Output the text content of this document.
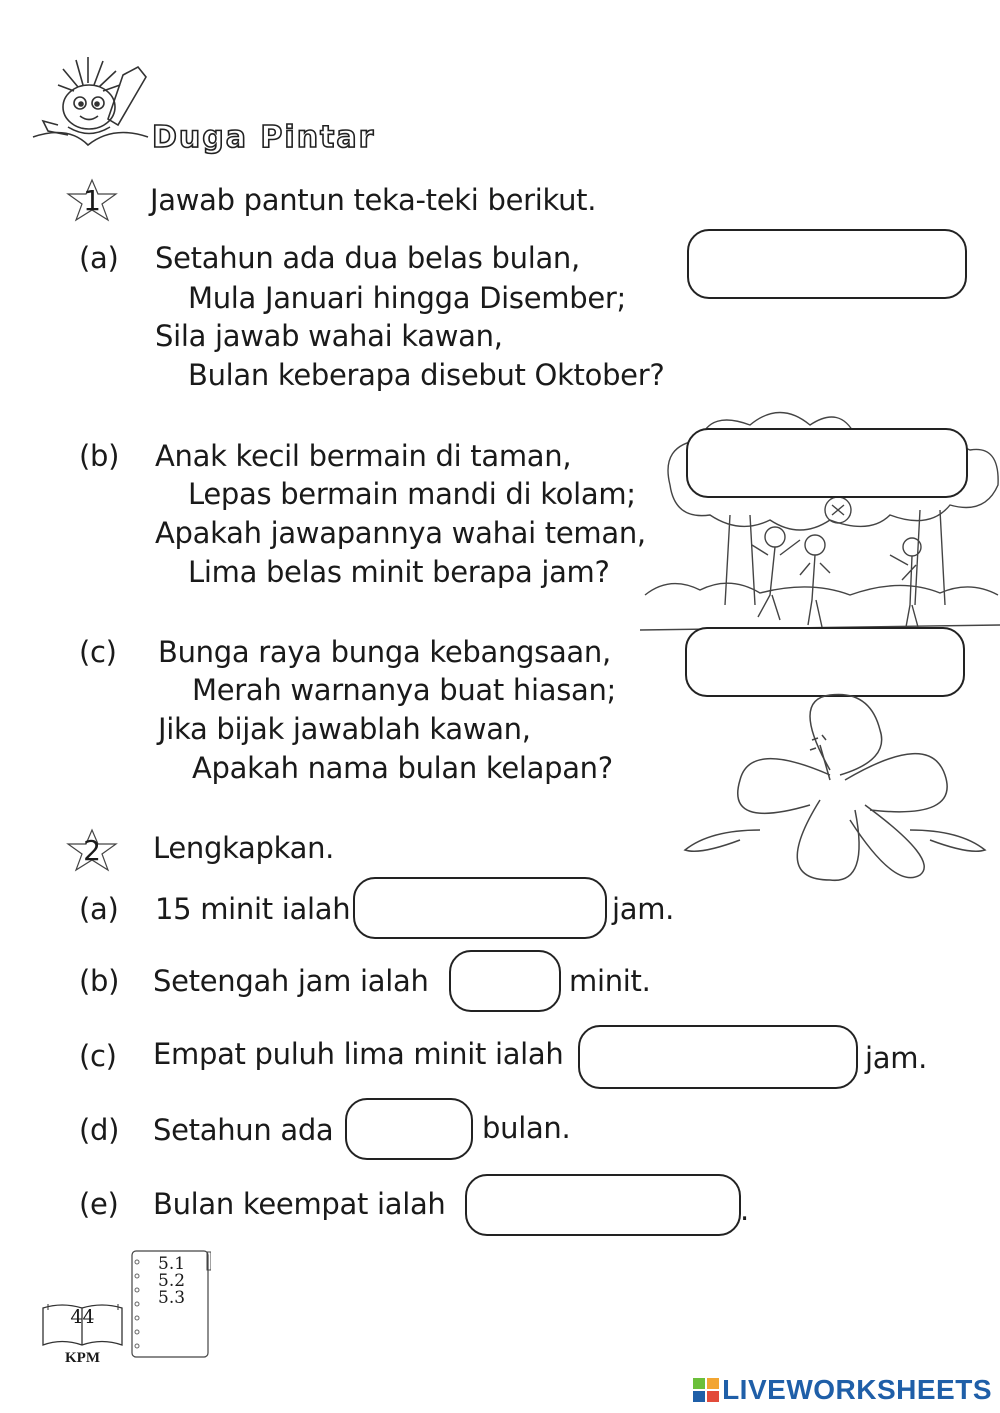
Duga Pintar
1	Jawab pantun teka-teki berikut.
(a) Setahun ada dua belas bulan,
Mula Januari hingga Disember;
Sila jawab wahai kawan,
Bulan keberapa disebut Oktober?
(b) Anak kecil bermain di taman,
Lepas bermain mandi di kolam;
Apakah jawapannya wahai teman,
Lima belas minit berapa jam?
(c) Bunga raya bunga kebangsaan,
Merah warnanya buat hiasan;
Jika bijak jawablah kawan,
Apakah nama bulan kelapan?
2	Lengkapkan.
(a) 15 minit ialah	jam.
(b) Setengah jam ialah	minit.
(c) Empat puluh lima minit ialah	jam.
(d) Setahun ada	bulan.
(e) Bulan keempat ialah	.
5.1
5.2
5.3
44
KPM
LIVEWORKSHEETS
